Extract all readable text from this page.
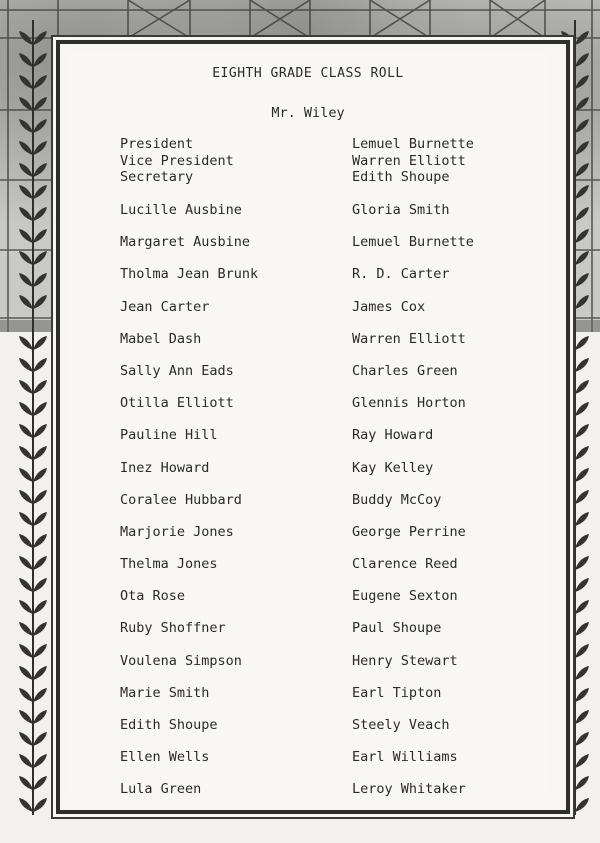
EIGHTH GRADE CLASS ROLL
Mr. Wiley
President	Lemuel Burnette
Vice President	Warren Elliott
Secretary	Edith Shoupe
Lucille Ausbine	Gloria Smith
Margaret Ausbine	Lemuel Burnette
Tholma Jean Brunk	R. D. Carter
Jean Carter	James Cox
Mabel Dash	Warren Elliott
Sally Ann Eads	Charles Green
Otilla Elliott	Glennis Horton
Pauline Hill	Ray Howard
Inez Howard	Kay Kelley
Coralee Hubbard	Buddy McCoy
Marjorie Jones	George Perrine
Thelma Jones	Clarence Reed
Ota Rose	Eugene Sexton
Ruby Shoffner	Paul Shoupe
Voulena Simpson	Henry Stewart
Marie Smith	Earl Tipton
Edith Shoupe	Steely Veach
Ellen Wells	Earl Williams
Lula Green	Leroy Whitaker
